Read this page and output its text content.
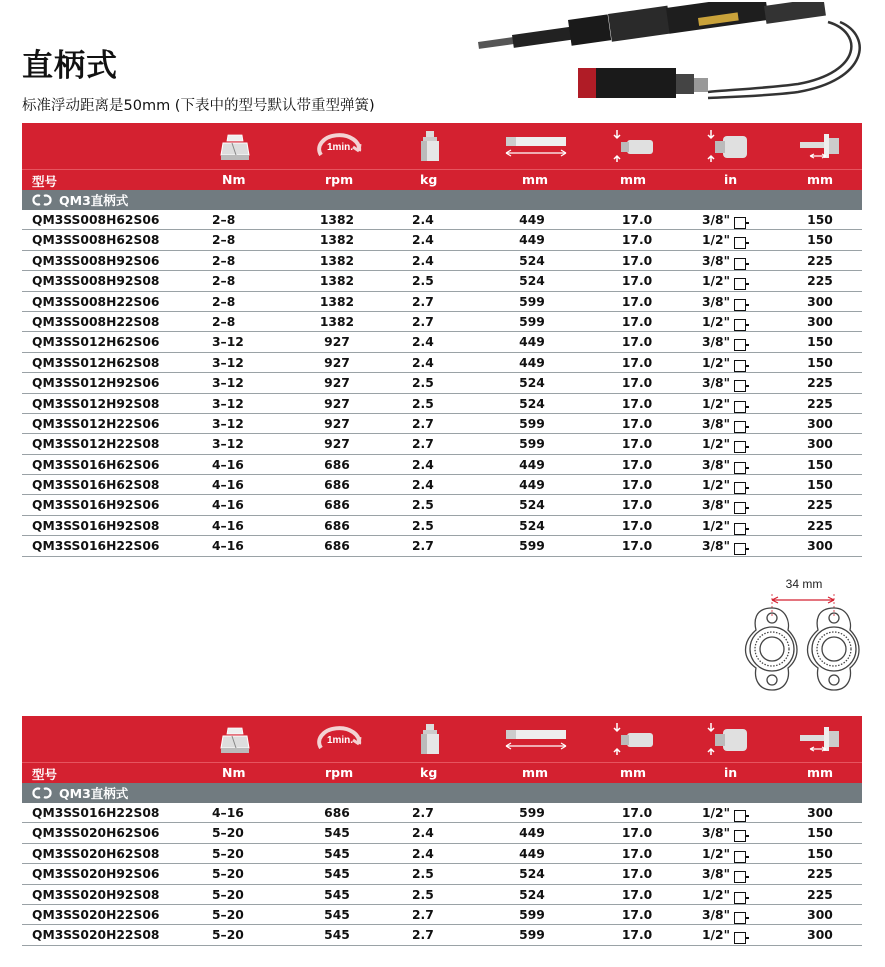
直柄式
标准浮动距离是50mm (下表中的型号默认带重型弹簧)
1min.
型号	Nm	rpm	kg	mm	mm	in	mm
QM3直柄式
QM3SS008H62S06	2–8	1382	2.4	449	17.0	3/8"	150
QM3SS008H62S08	2–8	1382	2.4	449	17.0	1/2"	150
QM3SS008H92S06	2–8	1382	2.4	524	17.0	3/8"	225
QM3SS008H92S08	2–8	1382	2.5	524	17.0	1/2"	225
QM3SS008H22S06	2–8	1382	2.7	599	17.0	3/8"	300
QM3SS008H22S08	2–8	1382	2.7	599	17.0	1/2"	300
QM3SS012H62S06	3–12	927	2.4	449	17.0	3/8"	150
QM3SS012H62S08	3–12	927	2.4	449	17.0	1/2"	150
QM3SS012H92S06	3–12	927	2.5	524	17.0	3/8"	225
QM3SS012H92S08	3–12	927	2.5	524	17.0	1/2"	225
QM3SS012H22S06	3–12	927	2.7	599	17.0	3/8"	300
QM3SS012H22S08	3–12	927	2.7	599	17.0	1/2"	300
QM3SS016H62S06	4–16	686	2.4	449	17.0	3/8"	150
QM3SS016H62S08	4–16	686	2.4	449	17.0	1/2"	150
QM3SS016H92S06	4–16	686	2.5	524	17.0	3/8"	225
QM3SS016H92S08	4–16	686	2.5	524	17.0	1/2"	225
QM3SS016H22S06	4–16	686	2.7	599	17.0	3/8"	300
34 mm
1min.
型号	Nm	rpm	kg	mm	mm	in	mm
QM3直柄式
QM3SS016H22S08	4–16	686	2.7	599	17.0	1/2"	300
QM3SS020H62S06	5–20	545	2.4	449	17.0	3/8"	150
QM3SS020H62S08	5–20	545	2.4	449	17.0	1/2"	150
QM3SS020H92S06	5–20	545	2.5	524	17.0	3/8"	225
QM3SS020H92S08	5–20	545	2.5	524	17.0	1/2"	225
QM3SS020H22S06	5–20	545	2.7	599	17.0	3/8"	300
QM3SS020H22S08	5–20	545	2.7	599	17.0	1/2"	300
